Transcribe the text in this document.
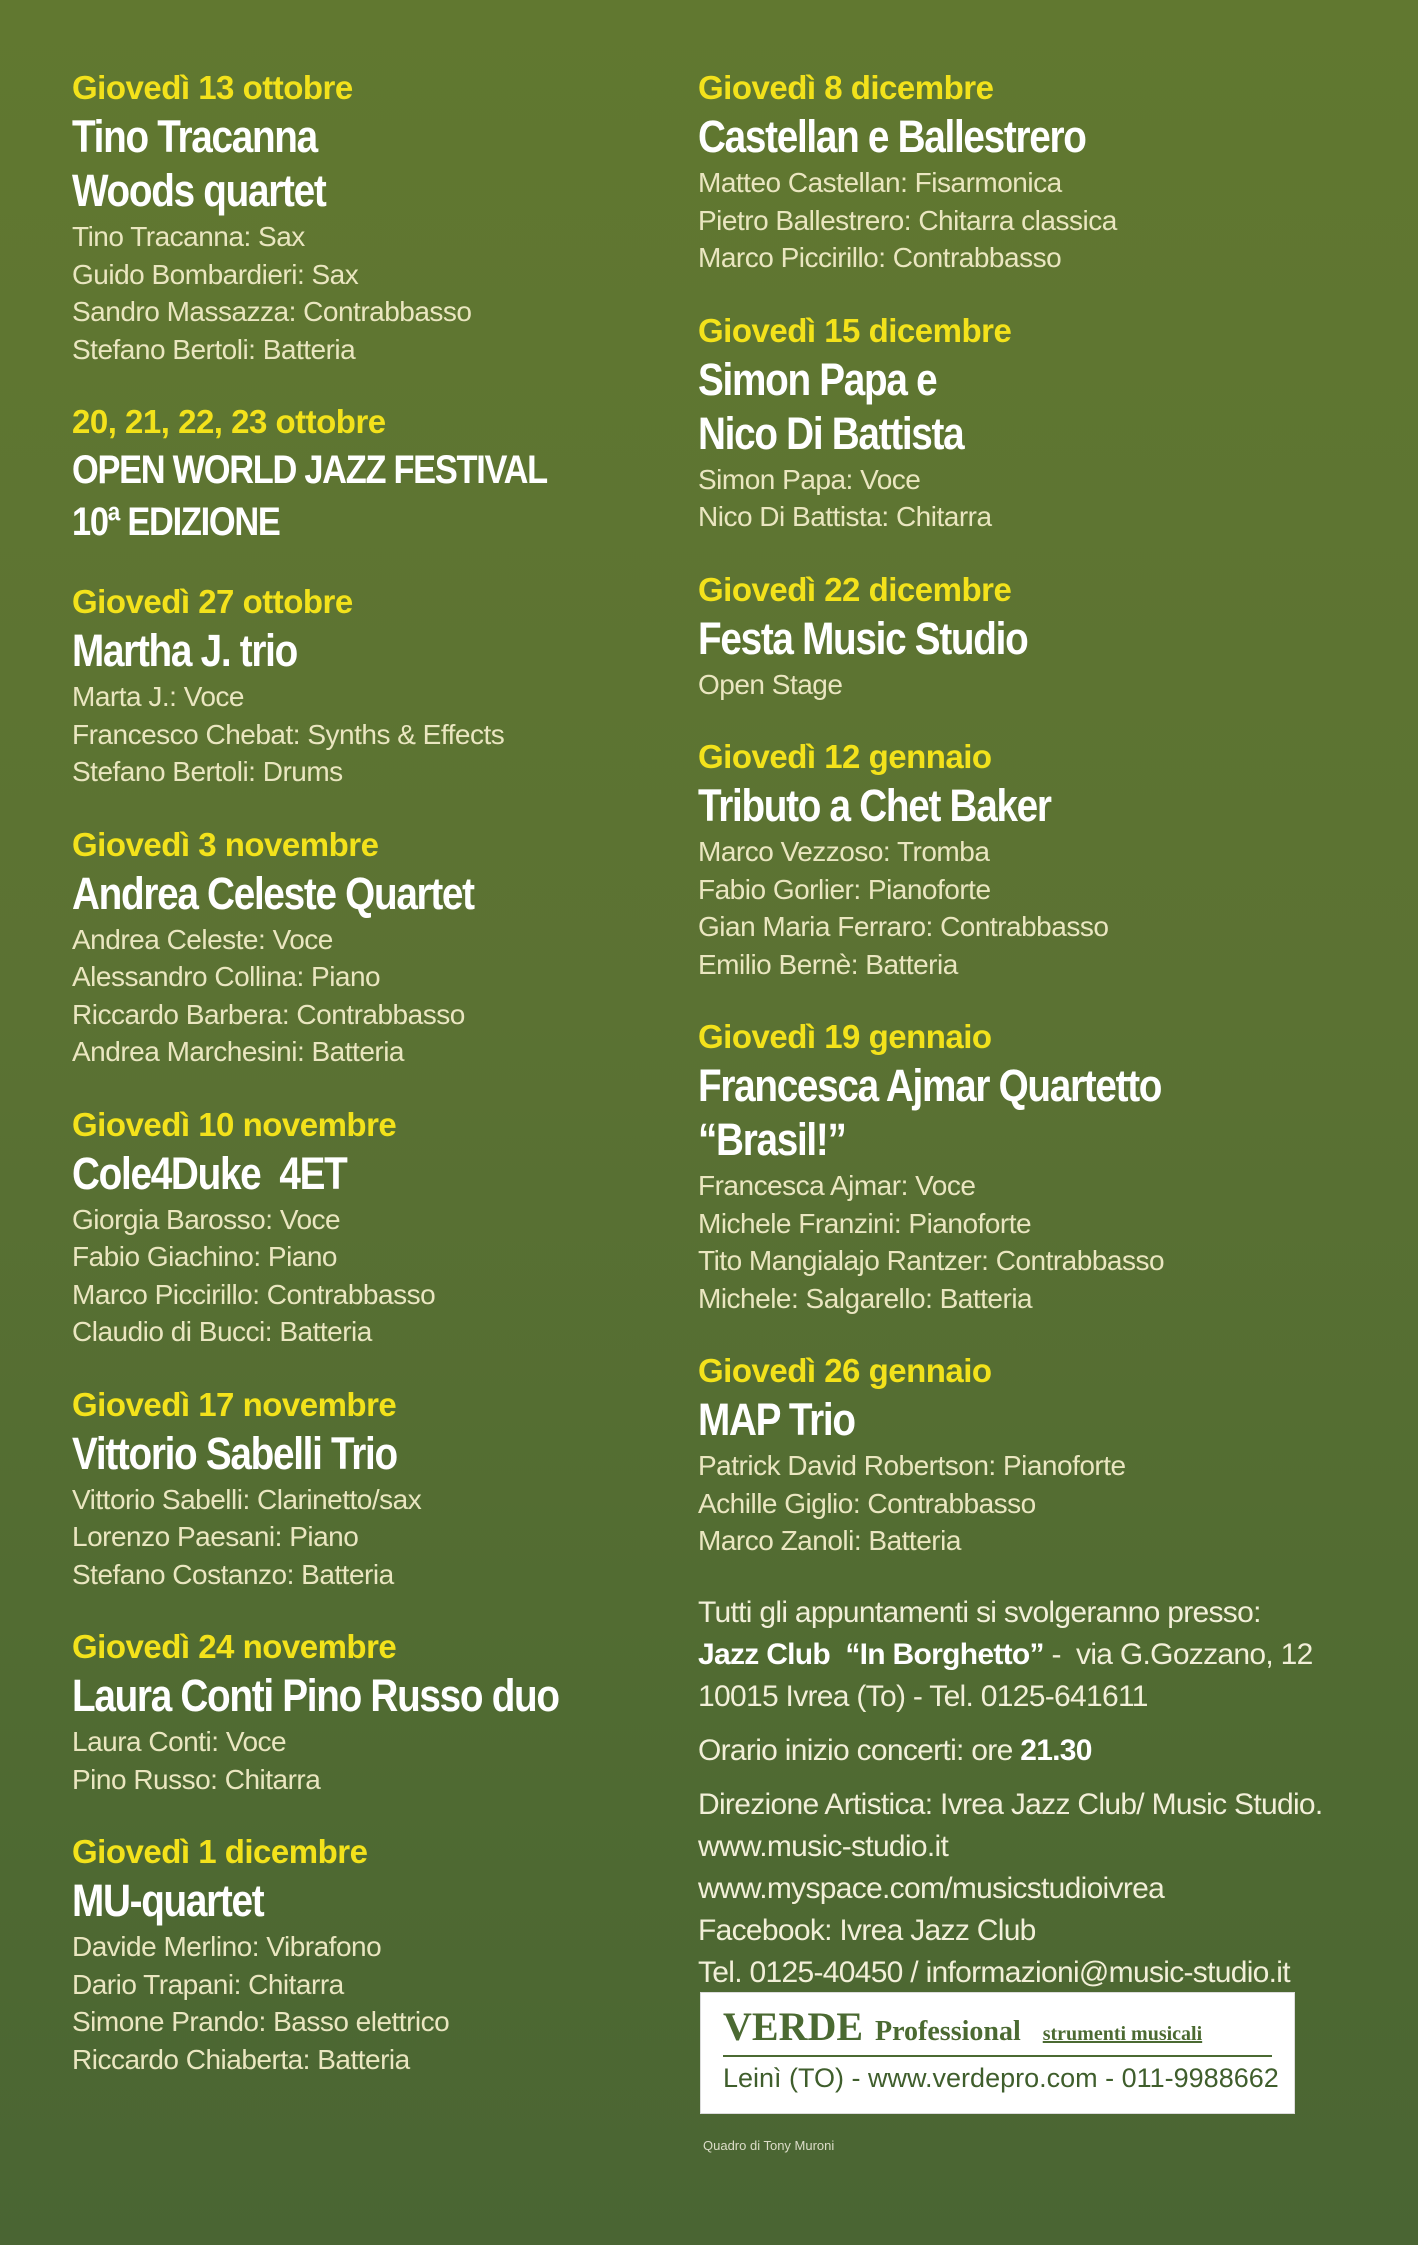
Giovedì 13 ottobre
Tino Tracanna
Woods quartet
Tino Tracanna: Sax
Guido Bombardieri: Sax
Sandro Massazza: Contrabbasso
Stefano Bertoli: Batteria
20, 21, 22, 23 ottobre
OPEN WORLD JAZZ FESTIVAL
10ª EDIZIONE
Giovedì 27 ottobre
Martha J. trio
Marta J.: Voce
Francesco Chebat: Synths & Effects
Stefano Bertoli: Drums
Giovedì 3 novembre
Andrea Celeste Quartet
Andrea Celeste: Voce
Alessandro Collina: Piano
Riccardo Barbera: Contrabbasso
Andrea Marchesini: Batteria
Giovedì 10 novembre
Cole4Duke  4ET
Giorgia Barosso: Voce
Fabio Giachino: Piano
Marco Piccirillo: Contrabbasso
Claudio di Bucci: Batteria
Giovedì 17 novembre
Vittorio Sabelli Trio
Vittorio Sabelli: Clarinetto/sax
Lorenzo Paesani: Piano
Stefano Costanzo: Batteria
Giovedì 24 novembre
Laura Conti Pino Russo duo
Laura Conti: Voce
Pino Russo: Chitarra
Giovedì 1 dicembre
MU-quartet
Davide Merlino: Vibrafono
Dario Trapani: Chitarra
Simone Prando: Basso elettrico
Riccardo Chiaberta: Batteria
Giovedì 8 dicembre
Castellan e Ballestrero
Matteo Castellan: Fisarmonica
Pietro Ballestrero: Chitarra classica
Marco Piccirillo: Contrabbasso
Giovedì 15 dicembre
Simon Papa e
Nico Di Battista
Simon Papa: Voce
Nico Di Battista: Chitarra
Giovedì 22 dicembre
Festa Music Studio
Open Stage
Giovedì 12 gennaio
Tributo a Chet Baker
Marco Vezzoso: Tromba
Fabio Gorlier: Pianoforte
Gian Maria Ferraro: Contrabbasso
Emilio Bernè: Batteria
Giovedì 19 gennaio
Francesca Ajmar Quartetto
“Brasil!”
Francesca Ajmar: Voce
Michele Franzini: Pianoforte
Tito Mangialajo Rantzer: Contrabbasso
Michele: Salgarello: Batteria
Giovedì 26 gennaio
MAP Trio
Patrick David Robertson: Pianoforte
Achille Giglio: Contrabbasso
Marco Zanoli: Batteria
Tutti gli appuntamenti si svolgeranno presso:
Jazz Club  “In Borghetto” -  via G.Gozzano, 12
10015 Ivrea (To) - Tel. 0125-641611
Orario inizio concerti: ore 21.30
Direzione Artistica: Ivrea Jazz Club/ Music Studio.
www.music-studio.it
www.myspace.com/musicstudioivrea
Facebook: Ivrea Jazz Club
Tel. 0125-40450 / informazioni@music-studio.it
VERDE Professional strumenti musicali
Leinì (TO) - www.verdepro.com - 011-9988662
Quadro di Tony Muroni
